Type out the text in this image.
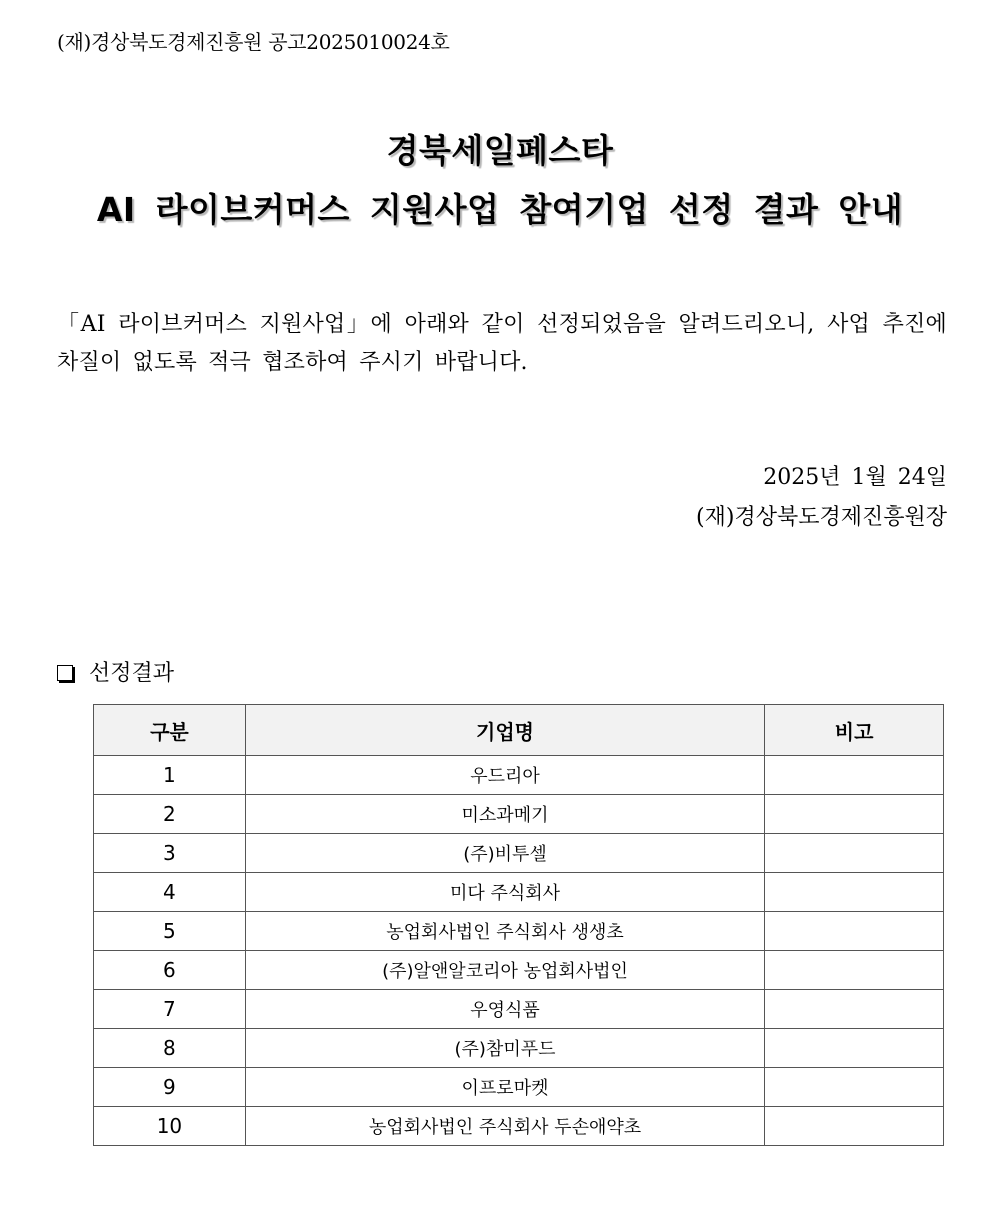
(재)경상북도경제진흥원 공고2025010024호
경북세일페스타
AI 라이브커머스 지원사업 참여기업 선정 결과 안내
「AI 라이브커머스 지원사업」에 아래와 같이 선정되었음을 알려드리오니, 사업 추진에 차질이 없도록 적극 협조하여 주시기 바랍니다.
2025년 1월 24일
(재)경상북도경제진흥원장
선정결과
구분	기업명	비고
1	우드리아	
2	미소과메기	
3	(주)비투셀	
4	미다 주식회사	
5	농업회사법인 주식회사 생생초	
6	(주)알앤알코리아 농업회사법인	
7	우영식품	
8	(주)참미푸드	
9	이프로마켓	
10	농업회사법인 주식회사 두손애약초	
